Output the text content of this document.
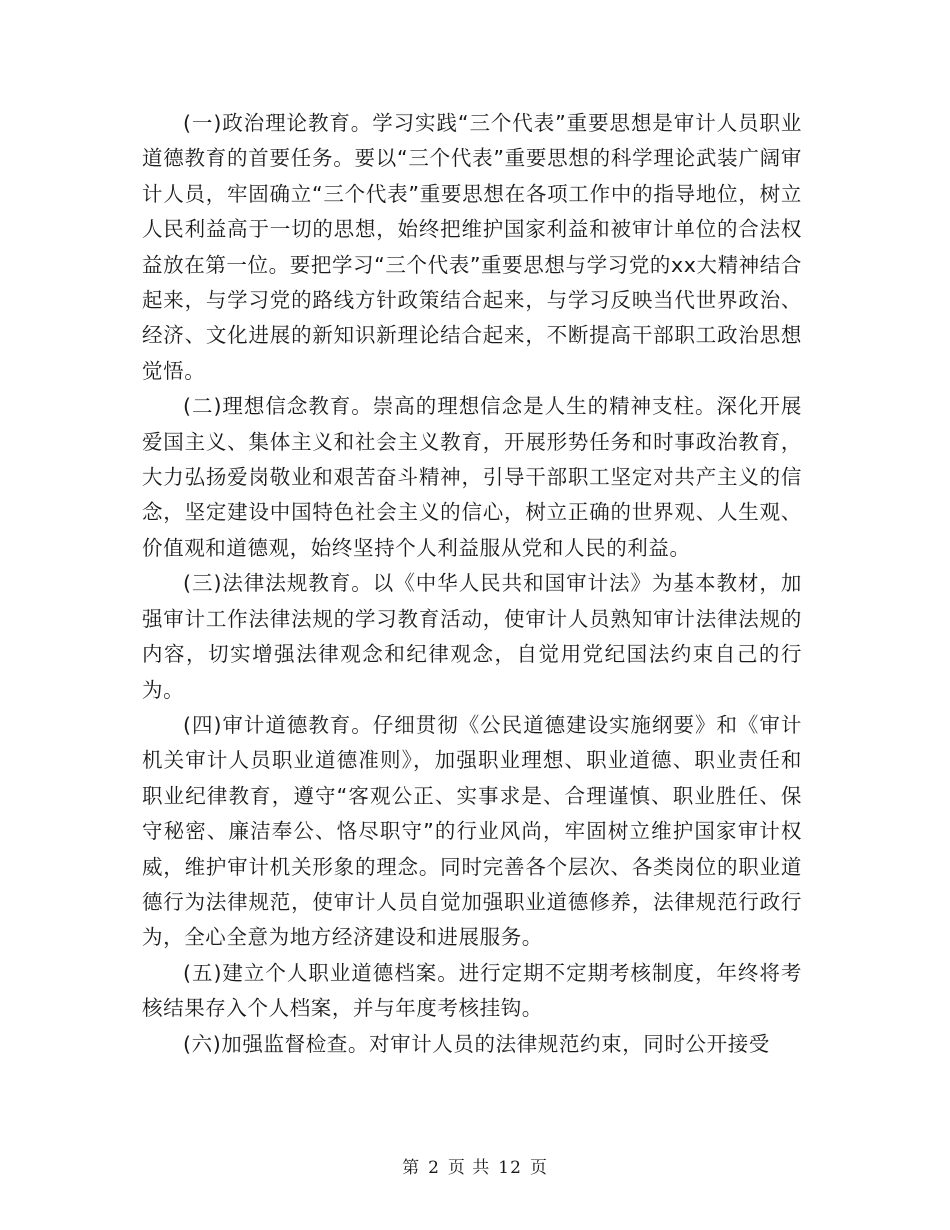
(一)政治理论教育。学习实践“三个代表”重要思想是审计人员职业道德教育的首要任务。要以“三个代表”重要思想的科学理论武装广阔审计人员，牢固确立“三个代表”重要思想在各项工作中的指导地位，树立人民利益高于一切的思想，始终把维护国家利益和被审计单位的合法权益放在第一位。要把学习“三个代表”重要思想与学习党的xx大精神结合起来，与学习党的路线方针政策结合起来，与学习反映当代世界政治、经济、文化进展的新知识新理论结合起来，不断提高干部职工政治思想觉悟。

(二)理想信念教育。崇高的理想信念是人生的精神支柱。深化开展爱国主义、集体主义和社会主义教育，开展形势任务和时事政治教育，大力弘扬爱岗敬业和艰苦奋斗精神，引导干部职工坚定对共产主义的信念，坚定建设中国特色社会主义的信心，树立正确的世界观、人生观、价值观和道德观，始终坚持个人利益服从党和人民的利益。

(三)法律法规教育。以《中华人民共和国审计法》为基本教材，加强审计工作法律法规的学习教育活动，使审计人员熟知审计法律法规的内容，切实增强法律观念和纪律观念，自觉用党纪国法约束自己的行为。

(四)审计道德教育。仔细贯彻《公民道德建设实施纲要》和《审计机关审计人员职业道德准则》，加强职业理想、职业道德、职业责任和职业纪律教育，遵守“客观公正、实事求是、合理谨慎、职业胜任、保守秘密、廉洁奉公、恪尽职守”的行业风尚，牢固树立维护国家审计权威，维护审计机关形象的理念。同时完善各个层次、各类岗位的职业道德行为法律规范，使审计人员自觉加强职业道德修养，法律规范行政行为，全心全意为地方经济建设和进展服务。

(五)建立个人职业道德档案。进行定期不定期考核制度，年终将考核结果存入个人档案，并与年度考核挂钩。

(六)加强监督检查。对审计人员的法律规范约束，同时公开接受

第 2 页 共 12 页
